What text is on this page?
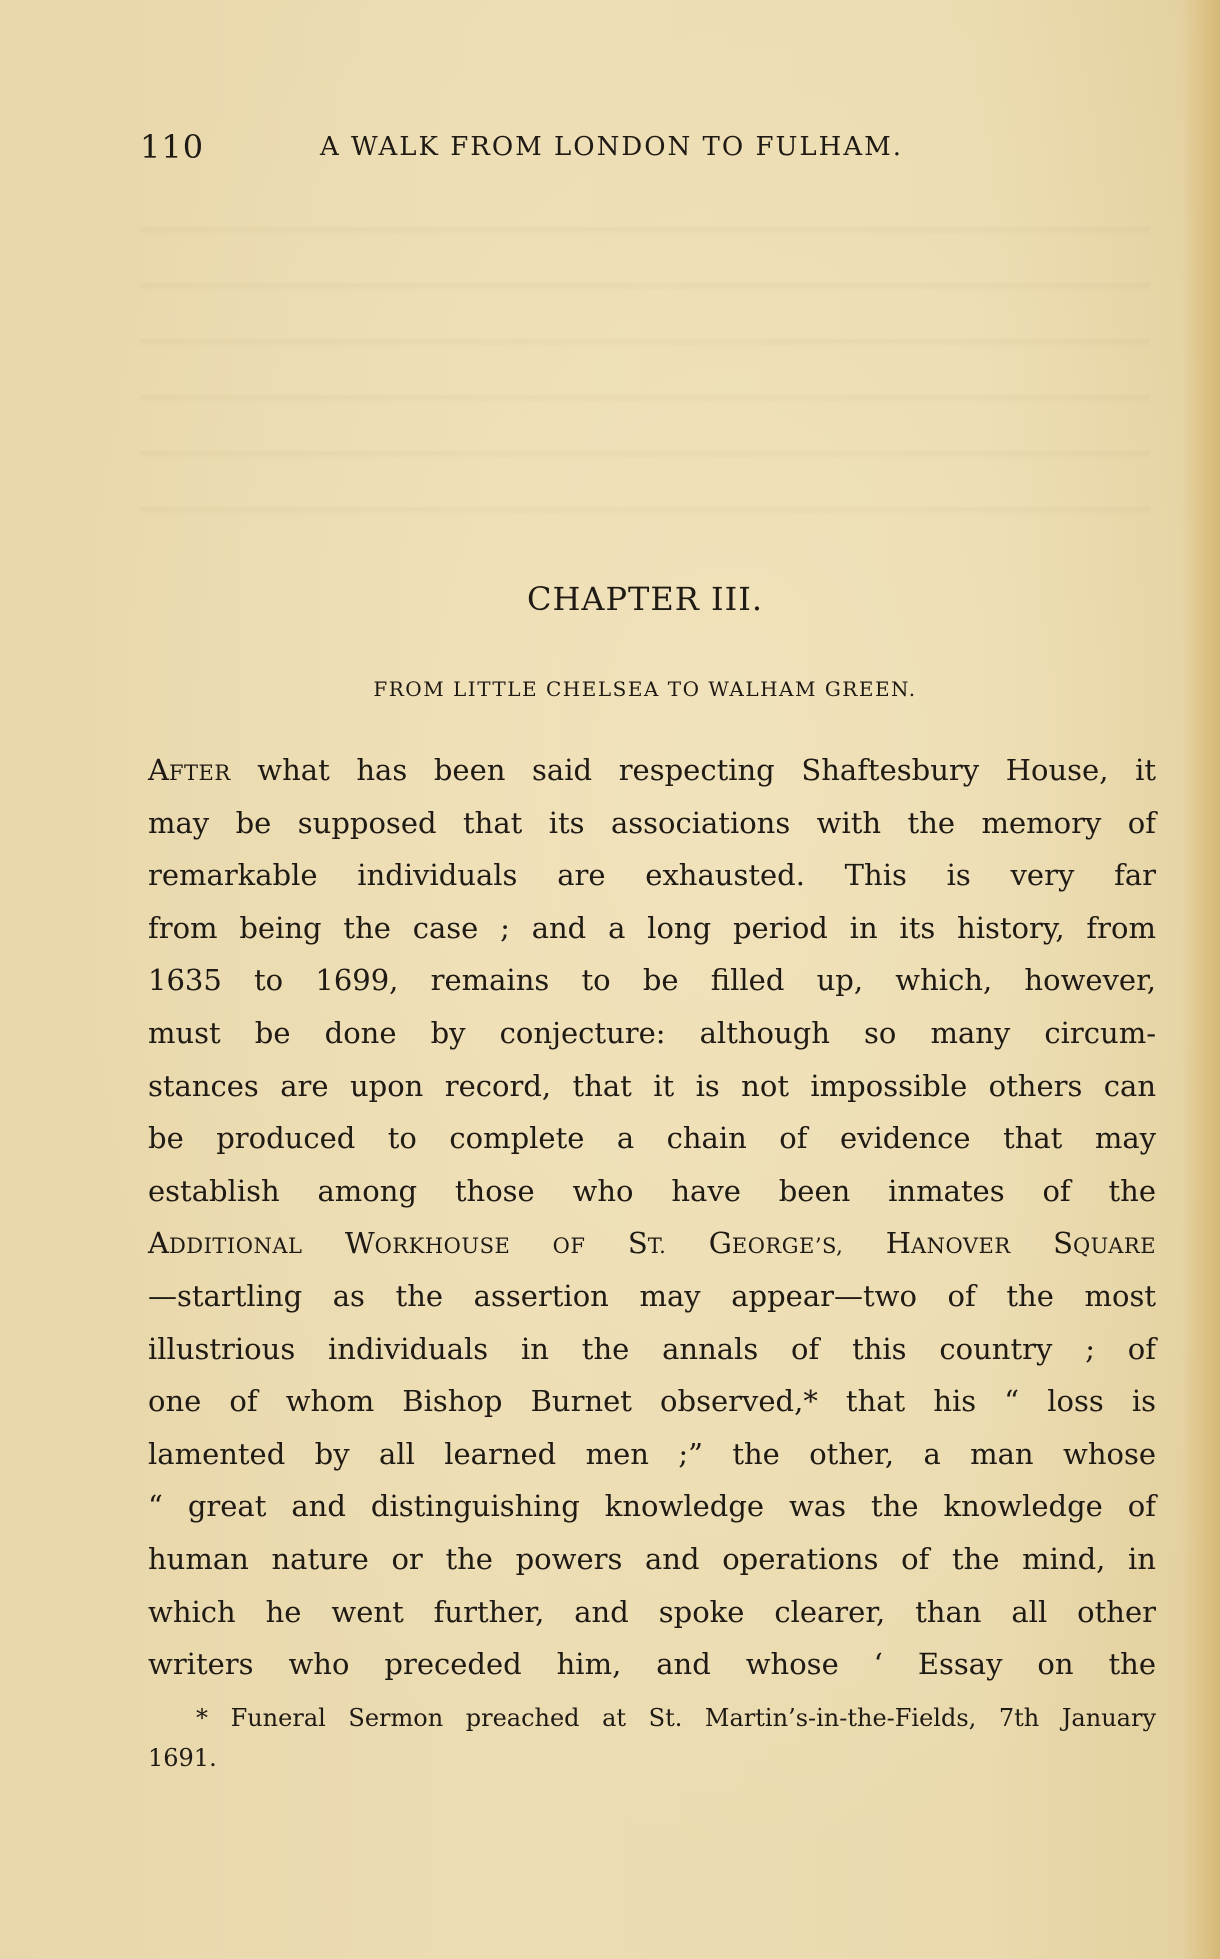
110	A WALK FROM LONDON TO FULHAM.
CHAPTER III.
FROM LITTLE CHELSEA TO WALHAM GREEN.
AFTER what has been said respecting Shaftesbury House, it
may be supposed that its associations with the memory of
remarkable individuals are exhausted. This is very far
from being the case ; and a long period in its history, from
1635 to 1699, remains to be filled up, which, however,
must be done by conjecture: although so many circum-
stances are upon record, that it is not impossible others can
be produced to complete a chain of evidence that may
establish among those who have been inmates of the
ADDITIONAL WORKHOUSE OF ST. GEORGE’S, HANOVER SQUARE
—startling as the assertion may appear—two of the most
illustrious individuals in the annals of this country ; of
one of whom Bishop Burnet observed,* that his “ loss is
lamented by all learned men ;” the other, a man whose
“ great and distinguishing knowledge was the knowledge of
human nature or the powers and operations of the mind, in
which he went further, and spoke clearer, than all other
writers who preceded him, and whose ‘ Essay on the
* Funeral Sermon preached at St. Martin’s-in-the-Fields, 7th January
1691.
